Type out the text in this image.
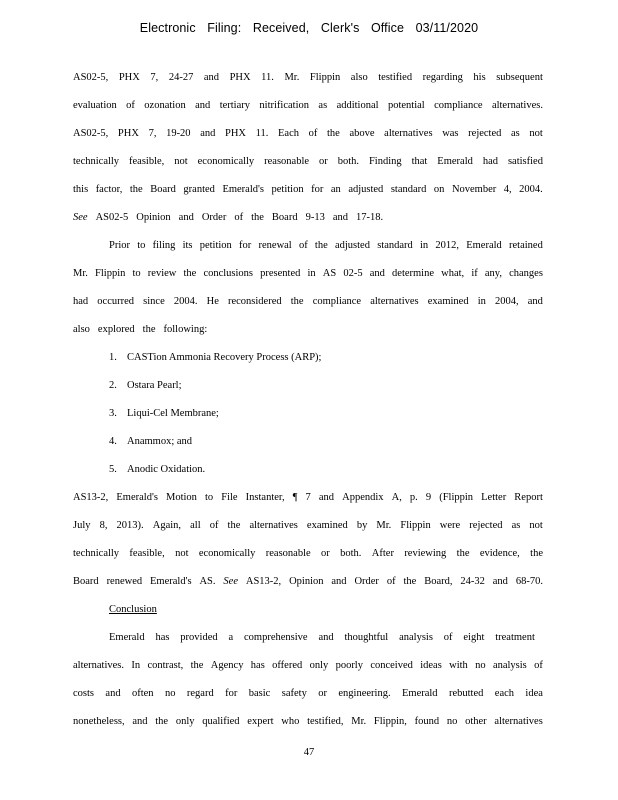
Electronic Filing: Received, Clerk's Office 03/11/2020
AS02-5, PHX 7, 24-27 and PHX 11. Mr. Flippin also testified regarding his subsequent
evaluation of ozonation and tertiary nitrification as additional potential compliance alternatives.
AS02-5, PHX 7, 19-20 and PHX 11. Each of the above alternatives was rejected as not
technically feasible, not economically reasonable or both. Finding that Emerald had satisfied
this factor, the Board granted Emerald's petition for an adjusted standard on November 4, 2004.
See AS02-5 Opinion and Order of the Board 9-13 and 17-18.
Prior to filing its petition for renewal of the adjusted standard in 2012, Emerald retained
Mr. Flippin to review the conclusions presented in AS 02-5 and determine what, if any, changes
had occurred since 2004. He reconsidered the compliance alternatives examined in 2004, and
also explored the following:
1. CASTion Ammonia Recovery Process (ARP);
2. Ostara Pearl;
3. Liqui-Cel Membrane;
4. Anammox; and
5. Anodic Oxidation.
AS13-2, Emerald's Motion to File Instanter, ¶ 7 and Appendix A, p. 9 (Flippin Letter Report
July 8, 2013). Again, all of the alternatives examined by Mr. Flippin were rejected as not
technically feasible, not economically reasonable or both. After reviewing the evidence, the
Board renewed Emerald's AS. See AS13-2, Opinion and Order of the Board, 24-32 and 68-70.
Conclusion
Emerald has provided a comprehensive and thoughtful analysis of eight treatment
alternatives. In contrast, the Agency has offered only poorly conceived ideas with no analysis of
costs and often no regard for basic safety or engineering. Emerald rebutted each idea
nonetheless, and the only qualified expert who testified, Mr. Flippin, found no other alternatives
47
